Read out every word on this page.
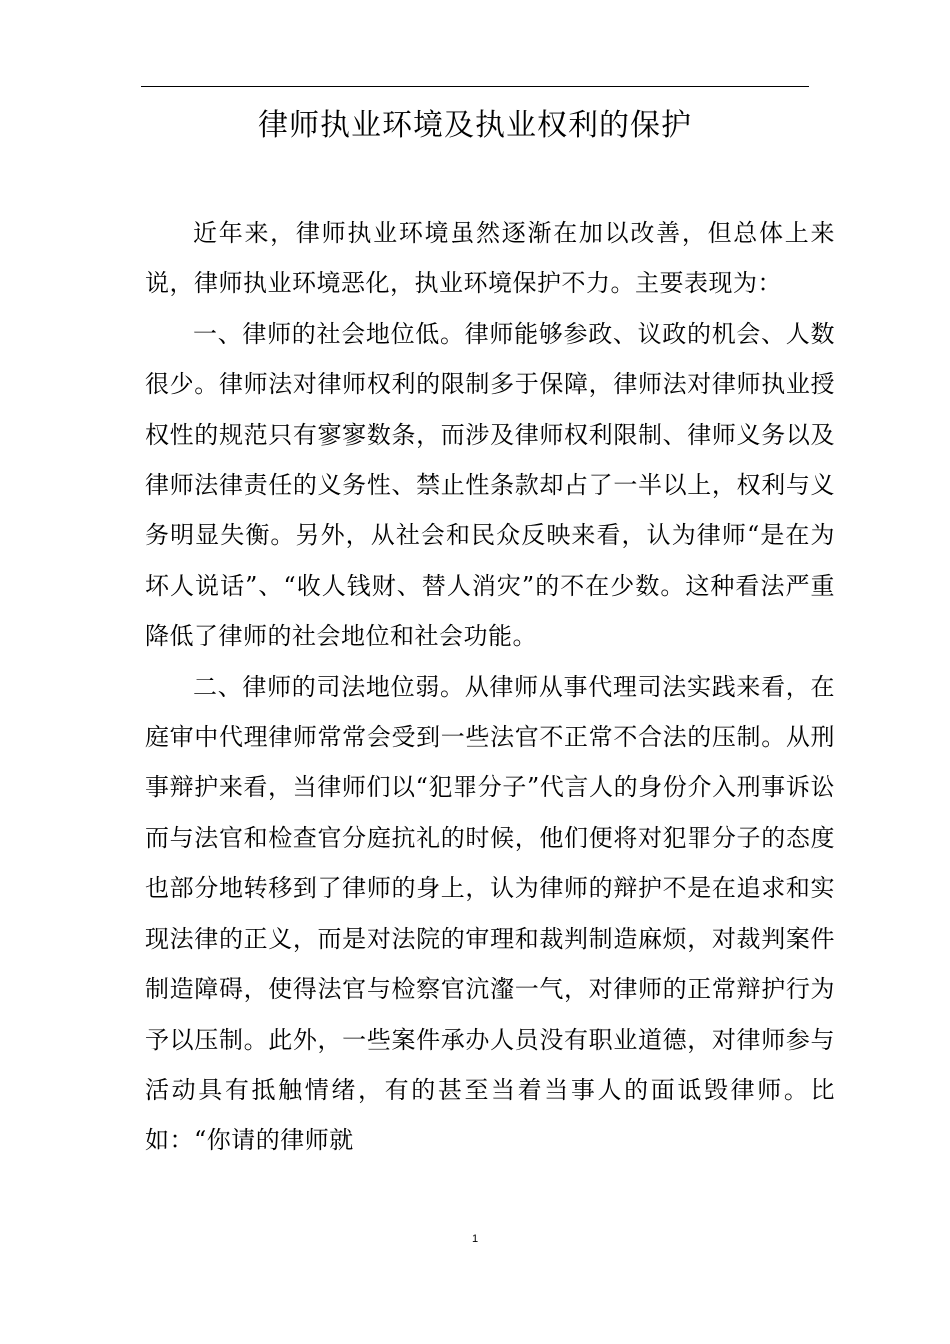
律师执业环境及执业权利的保护

近年来，律师执业环境虽然逐渐在加以改善，但总体上来说，律师执业环境恶化，执业环境保护不力。主要表现为：

一、律师的社会地位低。律师能够参政、议政的机会、人数很少。律师法对律师权利的限制多于保障，律师法对律师执业授权性的规范只有寥寥数条，而涉及律师权利限制、律师义务以及律师法律责任的义务性、禁止性条款却占了一半以上，权利与义务明显失衡。另外，从社会和民众反映来看，认为律师“是在为坏人说话”、“收人钱财、替人消灾”的不在少数。这种看法严重降低了律师的社会地位和社会功能。

二、律师的司法地位弱。从律师从事代理司法实践来看，在庭审中代理律师常常会受到一些法官不正常不合法的压制。从刑事辩护来看，当律师们以“犯罪分子”代言人的身份介入刑事诉讼而与法官和检查官分庭抗礼的时候，他们便将对犯罪分子的态度也部分地转移到了律师的身上，认为律师的辩护不是在追求和实现法律的正义，而是对法院的审理和裁判制造麻烦，对裁判案件制造障碍，使得法官与检察官沆瀣一气，对律师的正常辩护行为予以压制。此外，一些案件承办人员没有职业道德，对律师参与活动具有抵触情绪，有的甚至当着当事人的面诋毁律师。比如：“你请的律师就

1
